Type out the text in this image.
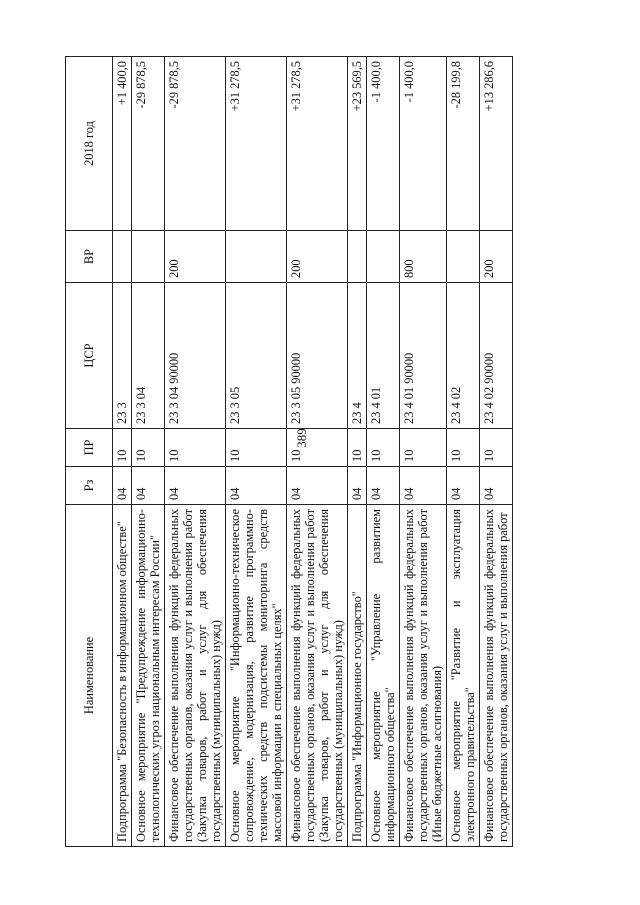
389
Наименование	Рз	ПР	ЦСР	ВР	2018 год
Подпрограмма "Безопасность в информационном обществе"	04	10	23 3		+1 400,0
Основное мероприятие "Предупреждение информационно-технологических угроз национальным интересам России"	04	10	23 3 04		-29 878,5
Финансовое обеспечение выполнения функций федеральных государственных органов, оказания услуг и выполнения работ (Закупка товаров, работ и услуг для обеспечения государственных (муниципальных) нужд)	04	10	23 3 04 90000	200	-29 878,5
Основное мероприятие "Информационно-техническое сопровождение, модернизация, развитие программно-технических средств подсистемы мониторинга средств массовой информации в специальных целях"	04	10	23 3 05		+31 278,5
Финансовое обеспечение выполнения функций федеральных государственных органов, оказания услуг и выполнения работ (Закупка товаров, работ и услуг для обеспечения государственных (муниципальных) нужд)	04	10	23 3 05 90000	200	+31 278,5
Подпрограмма "Информационное государство"	04	10	23 4		+23 569,5
Основное мероприятие "Управление развитием информационного общества"	04	10	23 4 01		-1 400,0
Финансовое обеспечение выполнения функций федеральных государственных органов, оказания услуг и выполнения работ (Иные бюджетные ассигнования)	04	10	23 4 01 90000	800	-1 400,0
Основное мероприятие "Развитие и эксплуатация электронного правительства"	04	10	23 4 02		-28 199,8
Финансовое обеспечение выполнения функций федеральных государственных органов, оказания услуг и выполнения работ	04	10	23 4 02 90000	200	+13 286,6
